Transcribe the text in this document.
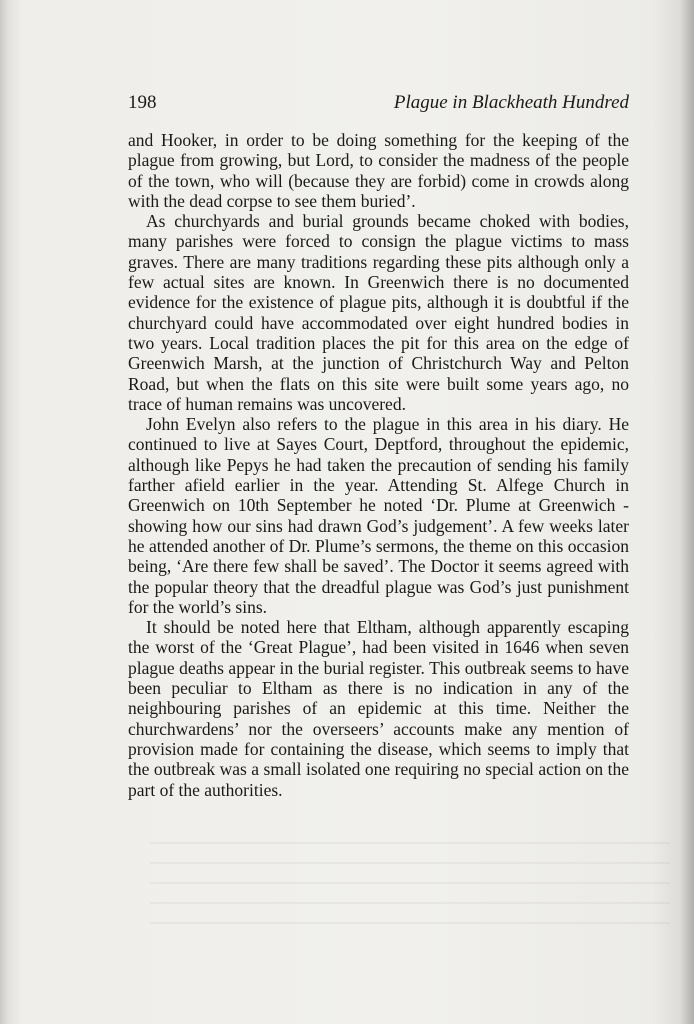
198	Plague in Blackheath Hundred

and Hooker, in order to be doing something for the keeping of the plague from growing, but Lord, to consider the madness of the people of the town, who will (because they are forbid) come in crowds along with the dead corpse to see them buried’.

As churchyards and burial grounds became choked with bodies, many parishes were forced to consign the plague victims to mass graves. There are many traditions regarding these pits although only a few actual sites are known. In Greenwich there is no documented evidence for the existence of plague pits, although it is doubtful if the churchyard could have accommodated over eight hundred bodies in two years. Local tradition places the pit for this area on the edge of Greenwich Marsh, at the junction of Christchurch Way and Pelton Road, but when the flats on this site were built some years ago, no trace of human remains was uncovered.

John Evelyn also refers to the plague in this area in his diary. He continued to live at Sayes Court, Deptford, throughout the epidemic, although like Pepys he had taken the precaution of sending his family farther afield earlier in the year. Attending St. Alfege Church in Greenwich on 10th September he noted ‘Dr. Plume at Greenwich - showing how our sins had drawn God’s judgement’. A few weeks later he attended another of Dr. Plume’s sermons, the theme on this occasion being, ‘Are there few shall be saved’. The Doctor it seems agreed with the popular theory that the dreadful plague was God’s just punishment for the world’s sins.

It should be noted here that Eltham, although apparently escaping the worst of the ‘Great Plague’, had been visited in 1646 when seven plague deaths appear in the burial register. This outbreak seems to have been peculiar to Eltham as there is no indication in any of the neighbouring parishes of an epidemic at this time. Neither the churchwardens’ nor the overseers’ accounts make any mention of provision made for containing the disease, which seems to imply that the outbreak was a small isolated one requiring no special action on the part of the authorities.
